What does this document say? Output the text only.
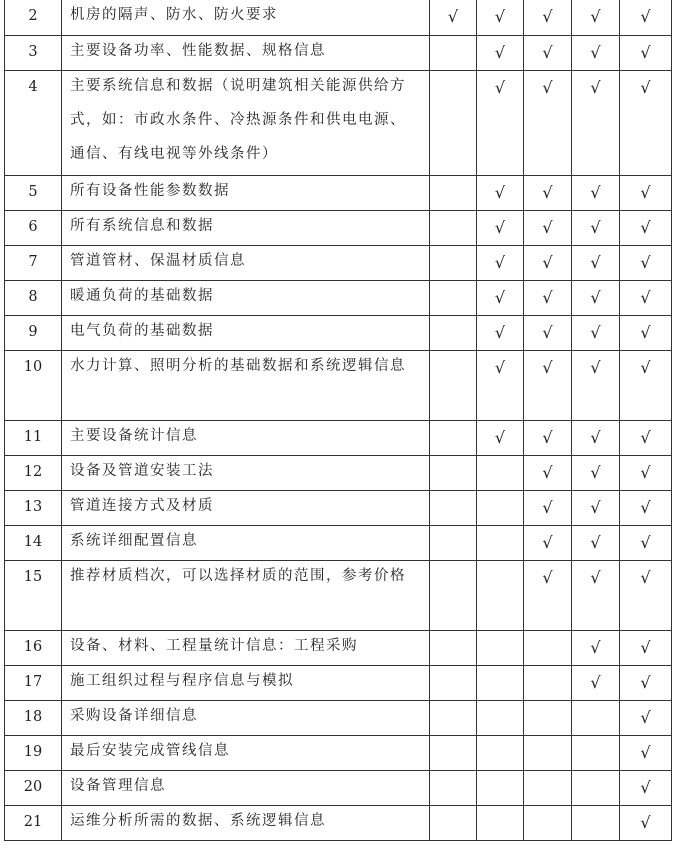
2	机房的隔声、防水、防火要求	√	√	√	√	√
3	主要设备功率、性能数据、规格信息		√	√	√	√
4	主要系统信息和数据（说明建筑相关能源供给方式，如：市政水条件、冷热源条件和供电电源、通信、有线电视等外线条件）		√	√	√	√
5	所有设备性能参数数据		√	√	√	√
6	所有系统信息和数据		√	√	√	√
7	管道管材、保温材质信息		√	√	√	√
8	暖通负荷的基础数据		√	√	√	√
9	电气负荷的基础数据		√	√	√	√
10	水力计算、照明分析的基础数据和系统逻辑信息		√	√	√	√
11	主要设备统计信息		√	√	√	√
12	设备及管道安装工法			√	√	√
13	管道连接方式及材质			√	√	√
14	系统详细配置信息			√	√	√
15	推荐材质档次，可以选择材质的范围，参考价格			√	√	√
16	设备、材料、工程量统计信息：工程采购				√	√
17	施工组织过程与程序信息与模拟				√	√
18	采购设备详细信息					√
19	最后安装完成管线信息					√
20	设备管理信息					√
21	运维分析所需的数据、系统逻辑信息					√
